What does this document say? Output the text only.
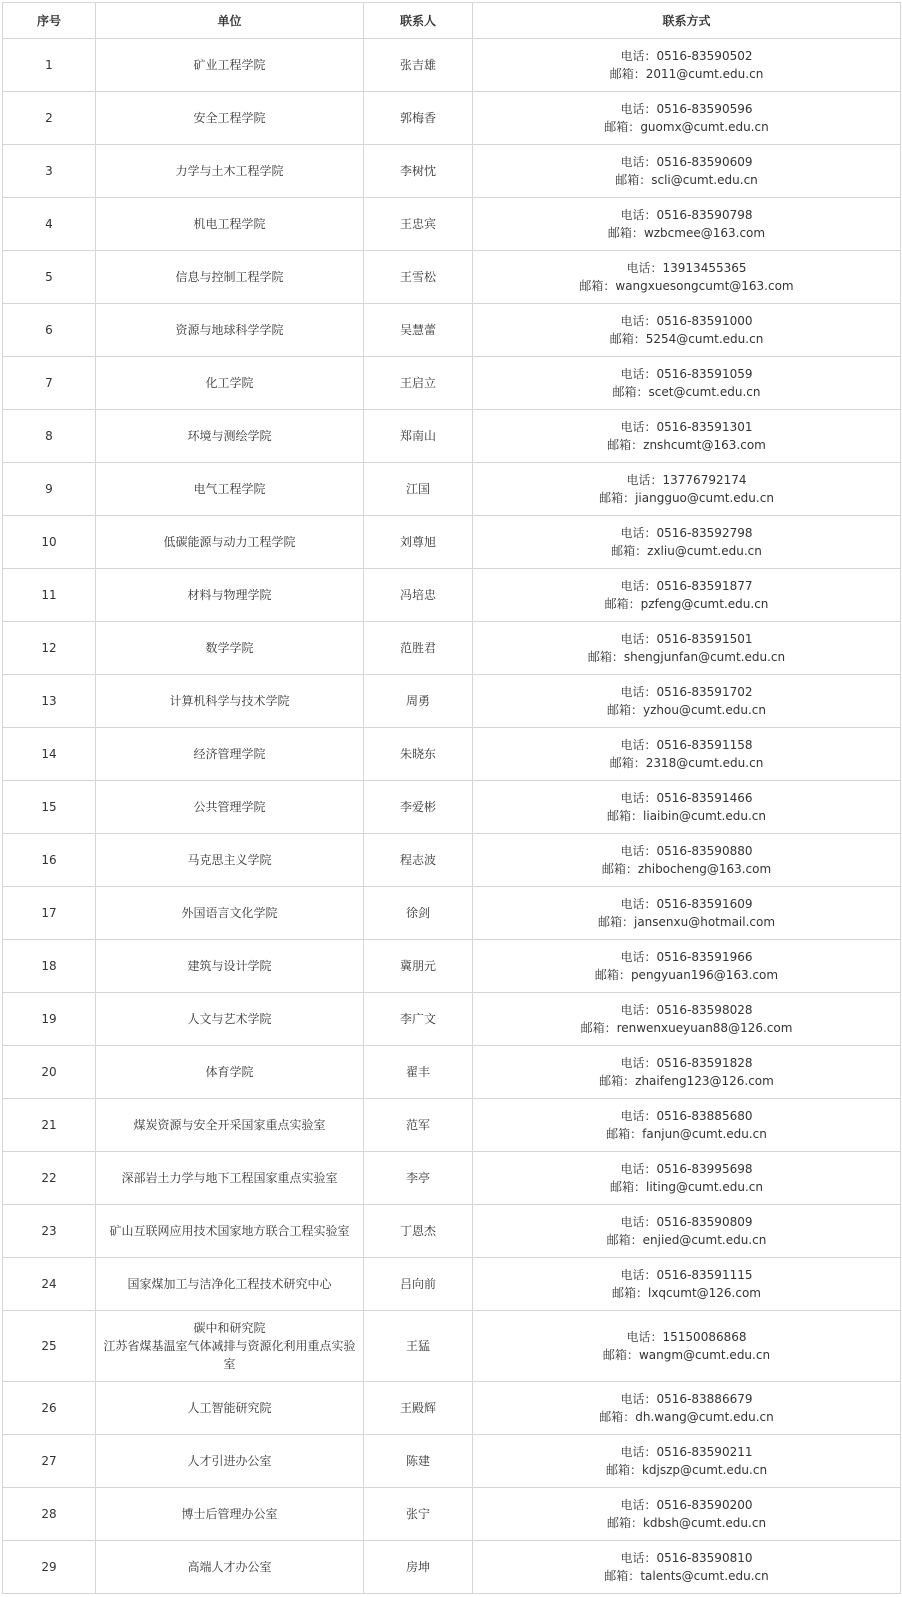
序号	单位	联系人	联系方式
1	矿业工程学院	张吉雄	电话：0516-83590502
邮箱：2011@cumt.edu.cn

2	安全工程学院	郭梅香	电话：0516-83590596
邮箱：guomx@cumt.edu.cn

3	力学与土木工程学院	李树忱	电话：0516-83590609
邮箱：scli@cumt.edu.cn

4	机电工程学院	王忠宾	电话：0516-83590798
邮箱：wzbcmee@163.com

5	信息与控制工程学院	王雪松	电话：13913455365
邮箱：wangxuesongcumt@163.com

6	资源与地球科学学院	吴慧蕾	电话：0516-83591000
邮箱：5254@cumt.edu.cn

7	化工学院	王启立	电话：0516-83591059
邮箱：scet@cumt.edu.cn

8	环境与测绘学院	郑南山	电话：0516-83591301
邮箱：znshcumt@163.com

9	电气工程学院	江国	电话：13776792174
邮箱：jiangguo@cumt.edu.cn

10	低碳能源与动力工程学院	刘尊旭	电话：0516-83592798
邮箱：zxliu@cumt.edu.cn

11	材料与物理学院	冯培忠	电话：0516-83591877
邮箱：pzfeng@cumt.edu.cn

12	数学学院	范胜君	电话：0516-83591501
邮箱：shengjunfan@cumt.edu.cn

13	计算机科学与技术学院	周勇	电话：0516-83591702
邮箱：yzhou@cumt.edu.cn

14	经济管理学院	朱晓东	电话：0516-83591158
邮箱：2318@cumt.edu.cn

15	公共管理学院	李爱彬	电话：0516-83591466
邮箱：liaibin@cumt.edu.cn

16	马克思主义学院	程志波	电话：0516-83590880
邮箱：zhibocheng@163.com

17	外国语言文化学院	徐剑	电话：0516-83591609
邮箱：jansenxu@hotmail.com

18	建筑与设计学院	冀朋元	电话：0516-83591966
邮箱：pengyuan196@163.com

19	人文与艺术学院	李广文	电话：0516-83598028
邮箱：renwenxueyuan88@126.com

20	体育学院	翟丰	电话：0516-83591828
邮箱：zhaifeng123@126.com

21	煤炭资源与安全开采国家重点实验室	范军	电话：0516-83885680
邮箱：fanjun@cumt.edu.cn

22	深部岩土力学与地下工程国家重点实验室	李亭	电话：0516-83995698
邮箱：liting@cumt.edu.cn

23	矿山互联网应用技术国家地方联合工程实验室	丁恩杰	电话：0516-83590809
邮箱：enjied@cumt.edu.cn

24	国家煤加工与洁净化工程技术研究中心	吕向前	电话：0516-83591115
邮箱：lxqcumt@126.com

25	碳中和研究院
江苏省煤基温室气体减排与资源化利用重点实验室	王猛	电话：15150086868
邮箱：wangm@cumt.edu.cn

26	人工智能研究院	王殿辉	电话：0516-83886679
邮箱：dh.wang@cumt.edu.cn

27	人才引进办公室	陈建	电话：0516-83590211
邮箱：kdjszp@cumt.edu.cn

28	博士后管理办公室	张宁	电话：0516-83590200
邮箱：kdbsh@cumt.edu.cn

29	高端人才办公室	房坤	电话：0516-83590810
邮箱：talents@cumt.edu.cn
